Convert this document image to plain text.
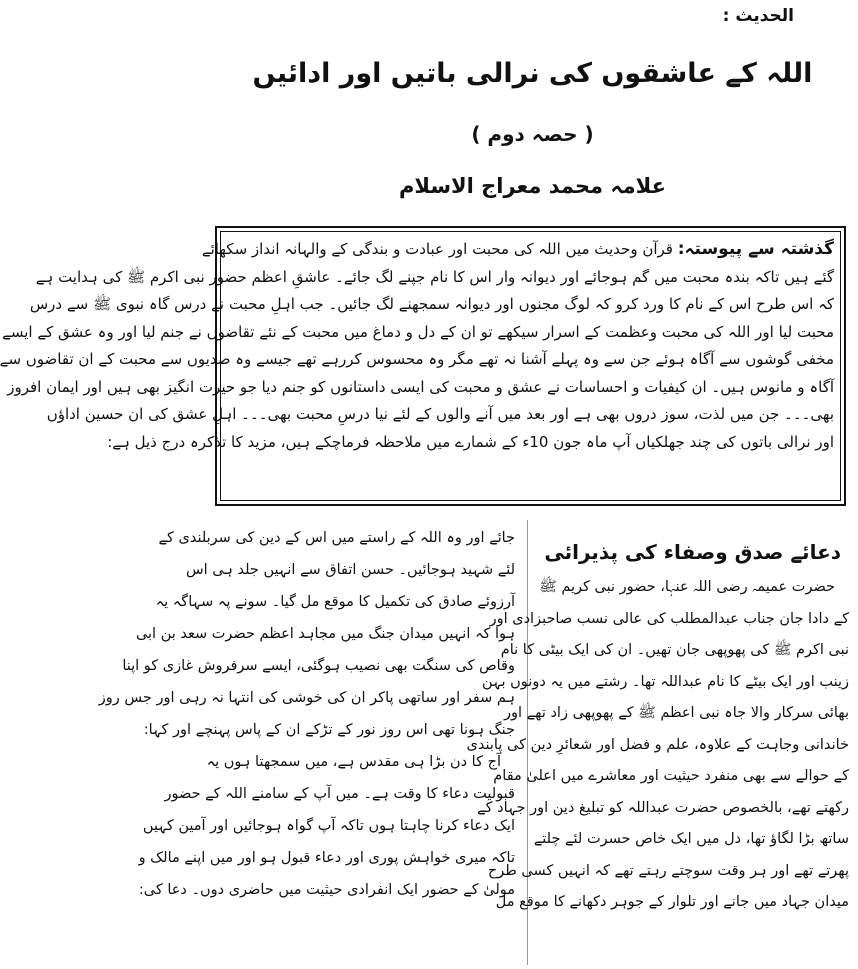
الحدیث :
اللہ کے عاشقوں کی نرالی باتیں اور ادائیں
( حصہ دوم )
علامہ محمد معراج الاسلام
گذشتہ سے پیوستہ: قرآن وحدیث میں اللہ کی محبت اور عبادت و بندگی کے والہانہ انداز سکھائے
گئے ہیں تاکہ بندہ محبت میں گم ہوجائے اور دیوانہ وار اس کا نام جپنے لگ جائے۔ عاشقِ اعظم حضور نبی اکرم ﷺ کی ہدایت ہے
کہ اس طرح اس کے نام کا ورد کرو کہ لوگ مجنوں اور دیوانہ سمجھنے لگ جائیں۔ جب اہلِ محبت نے درس گاہ نبوی ﷺ سے درس
محبت لیا اور اللہ کی محبت وعظمت کے اسرار سیکھے تو ان کے دل و دماغ میں محبت کے نئے تقاضوں نے جنم لیا اور وہ عشق کے ایسے
مخفی گوشوں سے آگاہ ہوئے جن سے وہ پہلے آشنا نہ تھے مگر وہ محسوس کررہے تھے جیسے وہ صدیوں سے محبت کے ان تقاضوں سے
آگاہ و مانوس ہیں۔ ان کیفیات و احساسات نے عشق و محبت کی ایسی داستانوں کو جنم دیا جو حیرت انگیز بھی ہیں اور ایمان افروز
بھی۔۔۔ جن میں لذت، سوز دروں بھی ہے اور بعد میں آنے والوں کے لئے نیا درسِ محبت بھی۔۔۔ اہلِ عشق کی ان حسین اداؤں
اور نرالی باتوں کی چند جھلکیاں آپ ماہ جون 10ء کے شمارے میں ملاحظہ فرماچکے ہیں، مزید کا تذکرہ درج ذیل ہے:
دعائے صدق وصفاء کی پذیرائی
حضرت عمیمہ رضی اللہ عنہا، حضور نبی کریم ﷺ
کے دادا جان جناب عبدالمطلب کی عالی نسب صاحبزادی اور
نبی اکرم ﷺ کی پھوپھی جان تھیں۔ ان کی ایک بیٹی کا نام
زینب اور ایک بیٹے کا نام عبداللہ تھا۔ رشتے میں یہ دونوں بہن
بھائی سرکار والا جاہ نبی اعظم ﷺ کے پھوپھی زاد تھے اور
خاندانی وجاہت کے علاوہ، علم و فضل اور شعائرِ دین کی پابندی
کے حوالے سے بھی منفرد حیثیت اور معاشرے میں اعلیٰ مقام
رکھتے تھے، بالخصوص حضرت عبداللہ کو تبلیغ دین اور جہاد کے
ساتھ بڑا لگاؤ تھا، دل میں ایک خاص حسرت لئے چلتے
پھرتے تھے اور ہر وقت سوچتے رہتے تھے کہ انہیں کسی طرح
میدان جہاد میں جانے اور تلوار کے جوہر دکھانے کا موقع مل
جائے اور وہ اللہ کے راستے میں اس کے دین کی سربلندی کے
لئے شہید ہوجائیں۔ حسن اتفاق سے انہیں جلد ہی اس
آرزوئے صادق کی تکمیل کا موقع مل گیا۔ سونے پہ سہاگہ یہ
ہوا کہ انہیں میدان جنگ میں مجاہد اعظم حضرت سعد بن ابی
وقاص کی سنگت بھی نصیب ہوگئی، ایسے سرفروش غازی کو اپنا
ہم سفر اور ساتھی پاکر ان کی خوشی کی انتہا نہ رہی اور جس روز
جنگ ہونا تھی اس روز نور کے تڑکے ان کے پاس پہنچے اور کہا:
آج کا دن بڑا ہی مقدس ہے، میں سمجھتا ہوں یہ
قبولیت دعاء کا وقت ہے۔ میں آپ کے سامنے اللہ کے حضور
ایک دعاء کرنا چاہتا ہوں تاکہ آپ گواہ ہوجائیں اور آمین کہیں
تاکہ میری خواہش پوری اور دعاء قبول ہو اور میں اپنے مالک و
مولیٰ کے حضور ایک انفرادی حیثیت میں حاضری دوں۔ دعا کی:
